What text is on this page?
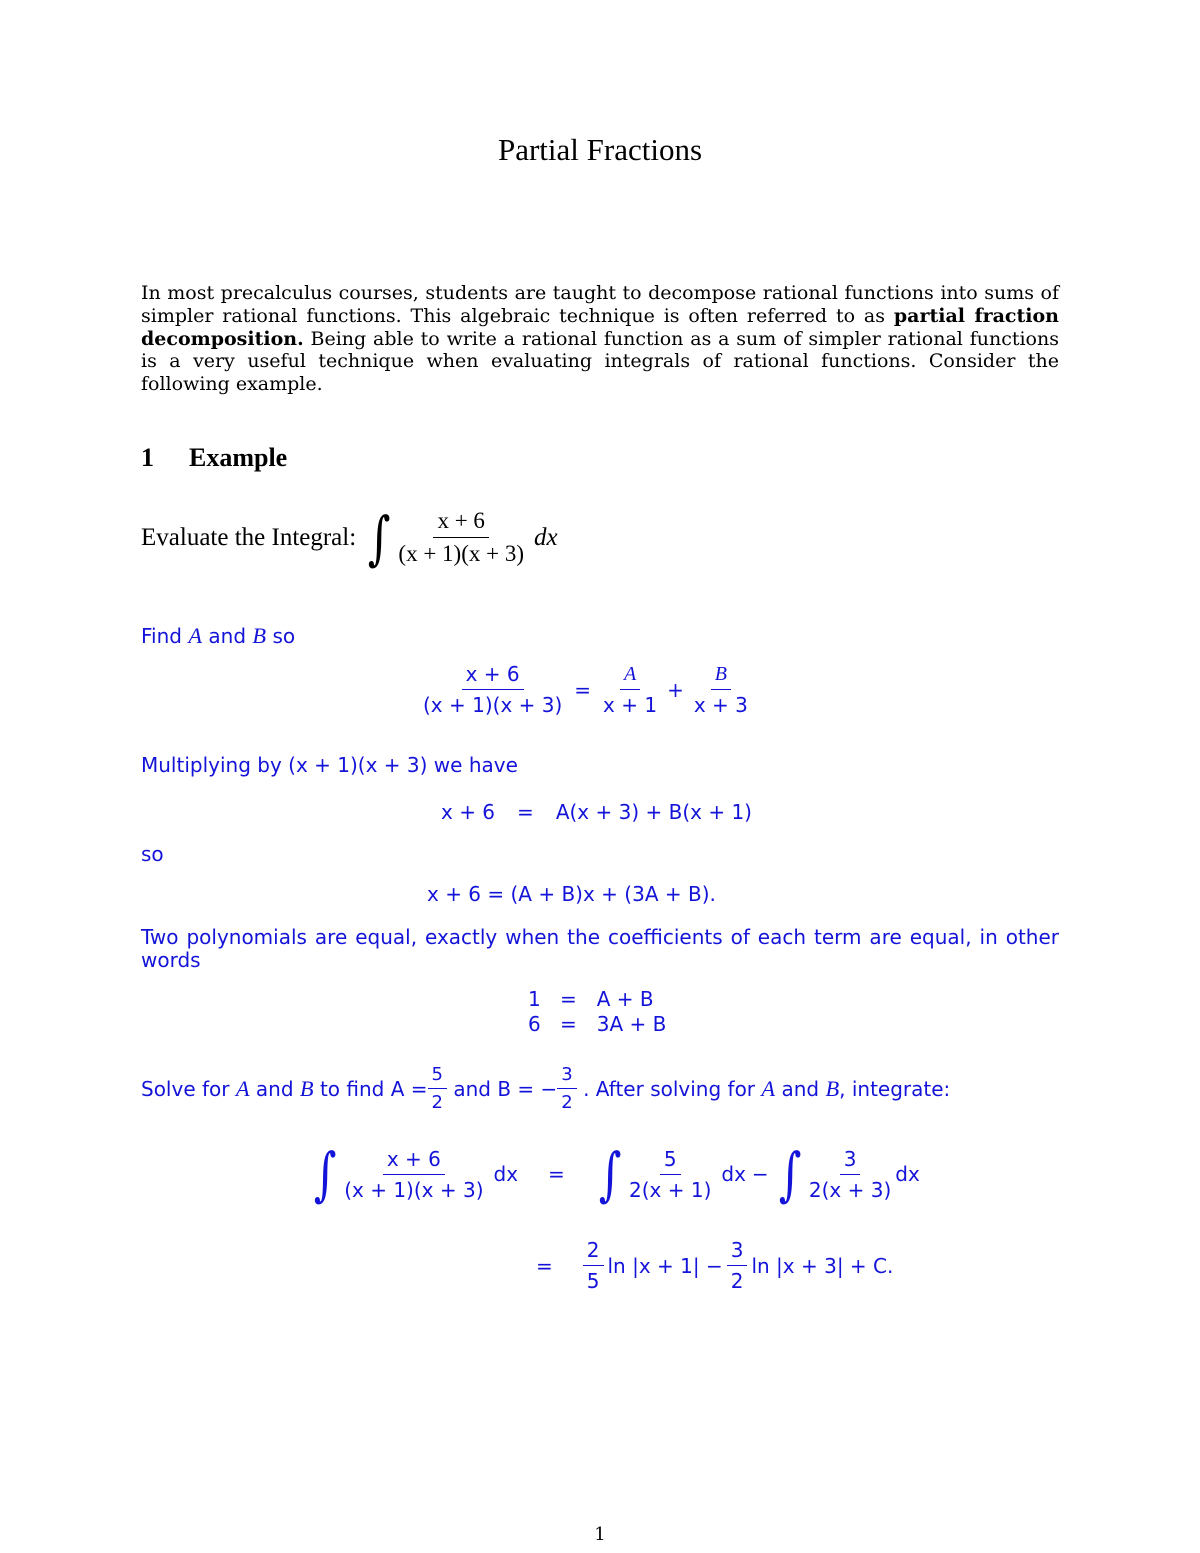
Partial Fractions
In most precalculus courses, students are taught to decompose rational functions into sums of simpler rational functions. This algebraic technique is often referred to as partial fraction decomposition. Being able to write a rational function as a sum of simpler rational functions is a very useful technique when evaluating integrals of rational functions. Consider the following example.
1 Example
Evaluate the Integral: ∫ $\frac{x + 6}{(x + 1)(x + 3)}$ dx
Find A and B so
$\frac{x + 6}{(x + 1)(x + 3)} = \frac{A}{x + 1} + \frac{B}{x + 3}$
Multiplying by (x + 1)(x + 3) we have
x + 6 = A(x + 3) + B(x + 1)
so
x + 6 = (A + B)x + (3A + B).
Two polynomials are equal, exactly when the coefficients of each term are equal, in other words
1 = A + B
6 = 3A + B
Solve for
A
and
B
to find
$A = \frac{5}{2}$
and
B = − $\frac{3}{2}$
. After solving for
A
and
B , integrate:
∫ $\frac{x + 6}{(x + 1)(x + 3)}$ dx = ∫ $\frac{5}{2(x + 1)}$ dx − ∫ $\frac{3}{2(x + 3)}$ dx
= $\frac{2}{5}$ $\ln |x + 1| - \frac{3}{2}$ ln |x + 3| + C.
1
